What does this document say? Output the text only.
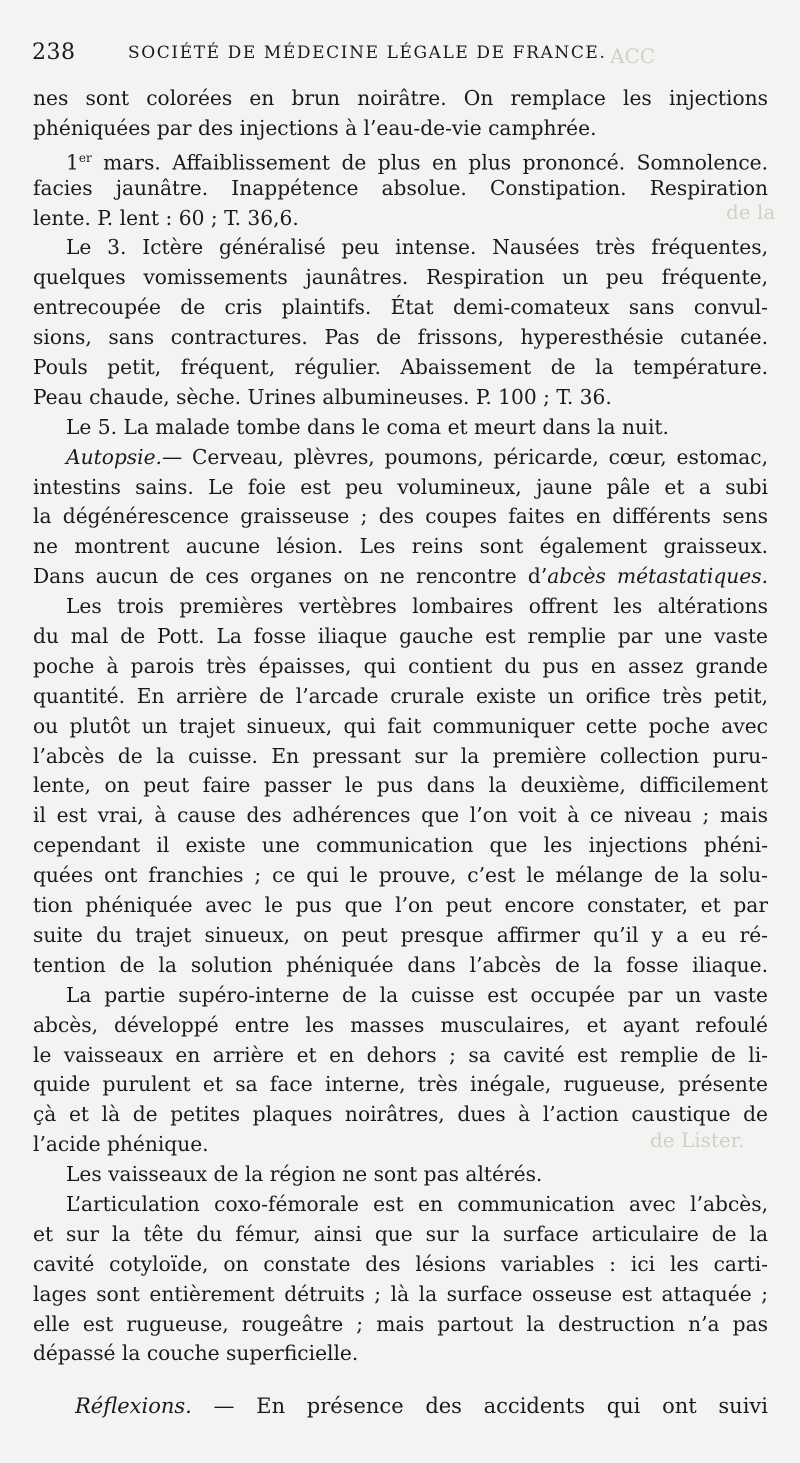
ACC
de la
de Lister.
238	SOCIÉTÉ DE MÉDECINE LÉGALE DE FRANCE.
nes sont colorées en brun noirâtre. On remplace les injections
phéniquées par des injections à l’eau-de-vie camphrée.
1er mars. Affaiblissement de plus en plus prononcé. Somnolence.
facies jaunâtre. Inappétence absolue. Constipation. Respiration
lente. P. lent : 60 ; T. 36,6.
Le 3. Ictère généralisé peu intense. Nausées très fréquentes,
quelques vomissements jaunâtres. Respiration un peu fréquente,
entrecoupée de cris plaintifs. État demi-comateux sans convul-
sions, sans contractures. Pas de frissons, hyperesthésie cutanée.
Pouls petit, fréquent, régulier. Abaissement de la température.
Peau chaude, sèche. Urines albumineuses. P. 100 ; T. 36.
Le 5. La malade tombe dans le coma et meurt dans la nuit.
Autopsie.— Cerveau, plèvres, poumons, péricarde, cœur, estomac,
intestins sains. Le foie est peu volumineux, jaune pâle et a subi
la dégénérescence graisseuse ; des coupes faites en différents sens
ne montrent aucune lésion. Les reins sont également graisseux.
Dans aucun de ces organes on ne rencontre d’abcès métastatiques.
Les trois premières vertèbres lombaires offrent les altérations
du mal de Pott. La fosse iliaque gauche est remplie par une vaste
poche à parois très épaisses, qui contient du pus en assez grande
quantité. En arrière de l’arcade crurale existe un orifice très petit,
ou plutôt un trajet sinueux, qui fait communiquer cette poche avec
l’abcès de la cuisse. En pressant sur la première collection puru-
lente, on peut faire passer le pus dans la deuxième, difficilement
il est vrai, à cause des adhérences que l’on voit à ce niveau ; mais
cependant il existe une communication que les injections phéni-
quées ont franchies ; ce qui le prouve, c’est le mélange de la solu-
tion phéniquée avec le pus que l’on peut encore constater, et par
suite du trajet sinueux, on peut presque affirmer qu’il y a eu ré-
tention de la solution phéniquée dans l’abcès de la fosse iliaque.
La partie supéro-interne de la cuisse est occupée par un vaste
abcès, développé entre les masses musculaires, et ayant refoulé
le vaisseaux en arrière et en dehors ; sa cavité est remplie de li-
quide purulent et sa face interne, très inégale, rugueuse, présente
çà et là de petites plaques noirâtres, dues à l’action caustique de
l’acide phénique.
Les vaisseaux de la région ne sont pas altérés.
L’articulation coxo-fémorale est en communication avec l’abcès,
et sur la tête du fémur, ainsi que sur la surface articulaire de la
cavité cotyloïde, on constate des lésions variables : ici les carti-
lages sont entièrement détruits ; là la surface osseuse est attaquée ;
elle est rugueuse, rougeâtre ; mais partout la destruction n’a pas
dépassé la couche superficielle.
Réflexions. — En présence des accidents qui ont suivi
